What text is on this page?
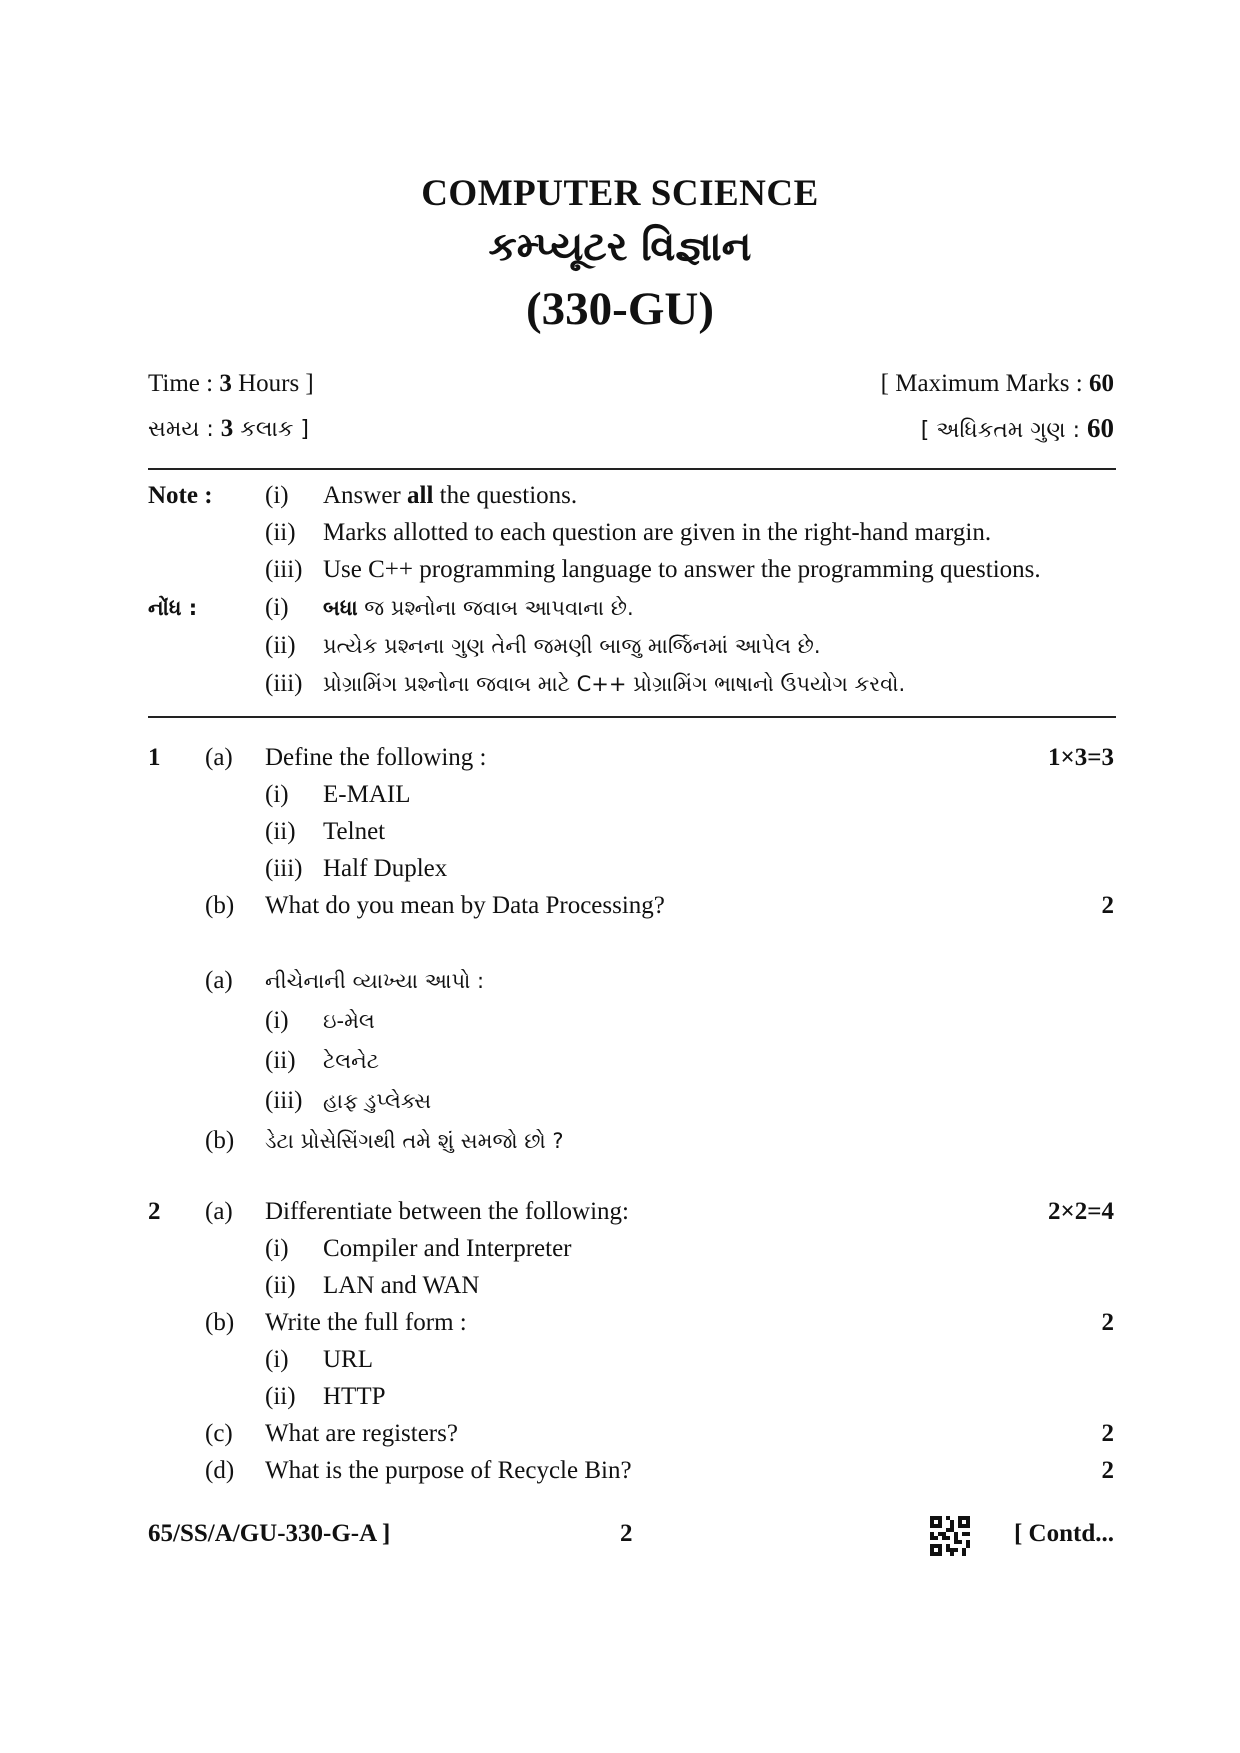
COMPUTER SCIENCE
કમ્પ્યૂટર વિજ્ઞાન
(330-GU)
Time : 3 Hours ]	[ Maximum Marks : 60
સમય : 3 કલાક ]	[ અધિકતમ ગુણ : 60
Note : (i) Answer all the questions.
(ii) Marks allotted to each question are given in the right-hand margin.
(iii) Use C++ programming language to answer the programming questions.
નોંધ :	(i) બધા જ પ્રશ્નોના જવાબ આપવાના છે.
(ii) પ્રત્યેક પ્રશ્નના ગુણ તેની જમણી બાજુ માર્જિનમાં આપેલ છે.
(iii) પ્રોગ્રામિંગ પ્રશ્નોના જવાબ માટે C++ પ્રોગ્રામિંગ ભાષાનો ઉપયોગ કરવો.
1 (a) Define the following :	1×3=3
(i) E-MAIL
(ii) Telnet
(iii) Half Duplex
(b) What do you mean by Data Processing?	2
(a) નીચેનાની વ્યાખ્યા આપો :
(i) ઇ-મેલ
(ii) ટેલનેટ
(iii) હાફ ડુપ્લેક્સ
(b) ડેટા પ્રોસેસિંગથી તમે શું સમજો છો ?
2 (a) Differentiate between the following:	2×2=4
(i) Compiler and Interpreter
(ii) LAN and WAN
(b) Write the full form :	2
(i) URL
(ii) HTTP
(c) What are registers?	2
(d) What is the purpose of Recycle Bin?	2
65/SS/A/GU-330-G-A ]	2	[ Contd...
